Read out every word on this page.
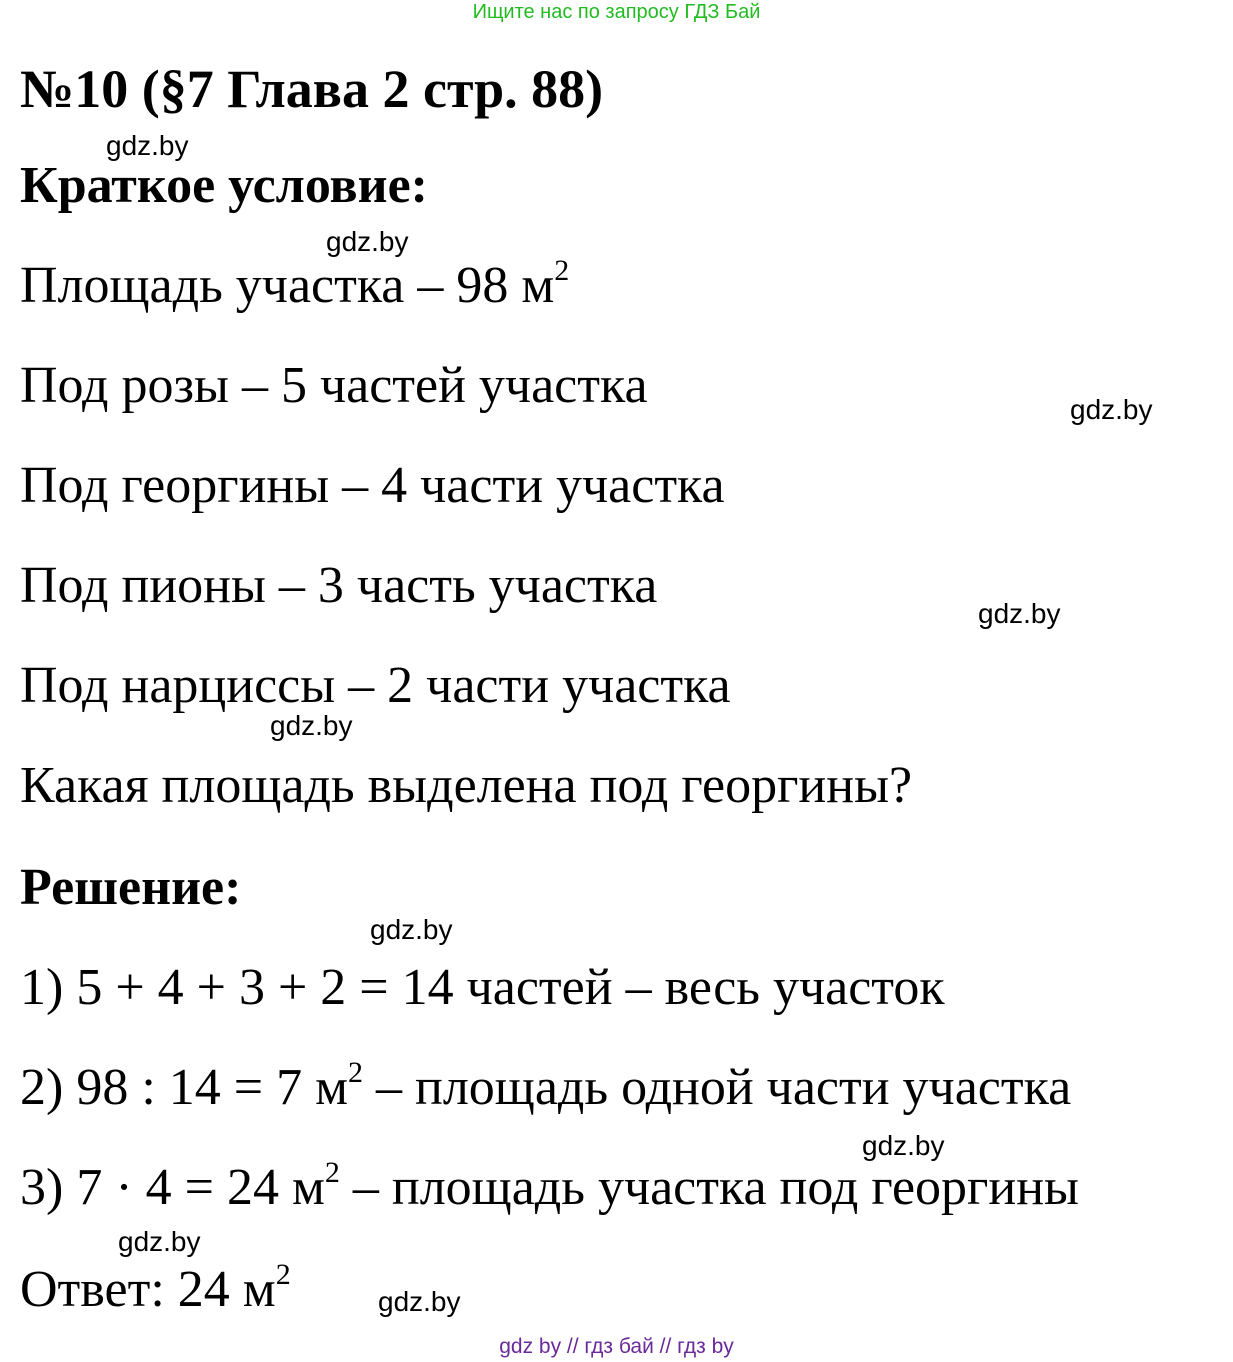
Ищите нас по запросу ГДЗ Бай
№10 (§7 Глава 2 стр. 88)
gdz.by
Краткое условие:
gdz.by
Площадь участка – 98 $м^2$
Под розы – 5 частей участка	gdz.by
Под георгины – 4 части участка
Под пионы – 3 часть участка	gdz.by
Под нарциссы – 2 части участка
gdz.by
Какая площадь выделена под георгины?
Решение:
gdz.by
1) 5 + 4 + 3 + 2 = 14 частей – весь участок
2) 98 : 14 = 7 $м^2$ – площадь одной части участка
gdz.by
3) 7 · 4 = 24 $м^2$ – площадь участка под георгины
gdz.by
Ответ: 24 $м^2$
gdz.by
gdz by // гдз бай // гдз by
